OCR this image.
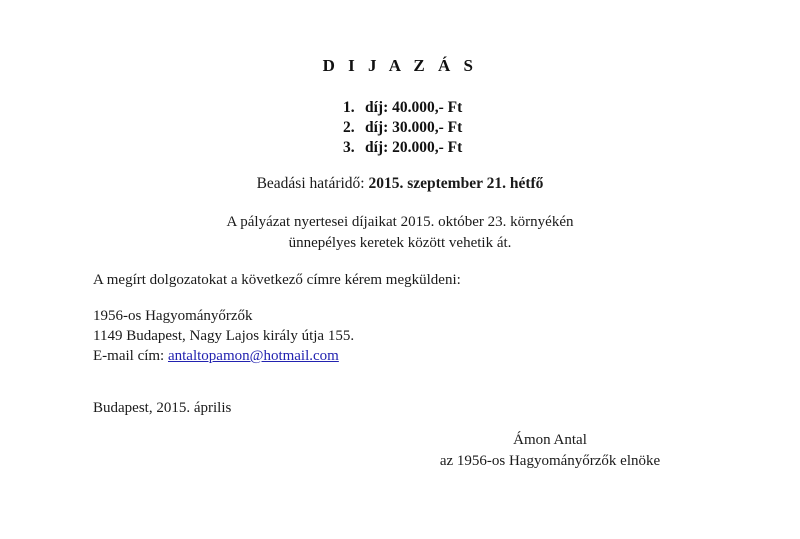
D I J A Z Á S
1. díj: 40.000,- Ft
2. díj: 30.000,- Ft
3. díj: 20.000,- Ft
Beadási határidő: 2015. szeptember 21. hétfő
A pályázat nyertesei díjaikat 2015. október 23. környékén
ünnepélyes keretek között vehetik át.
A megírt dolgozatokat a következő címre kérem megküldeni:
1956-os Hagyományőrzők
1149 Budapest, Nagy Lajos király útja 155.
E-mail cím: antaltopamon@hotmail.com
Budapest, 2015. április
Ámon Antal
az 1956-os Hagyományőrzők elnöke
